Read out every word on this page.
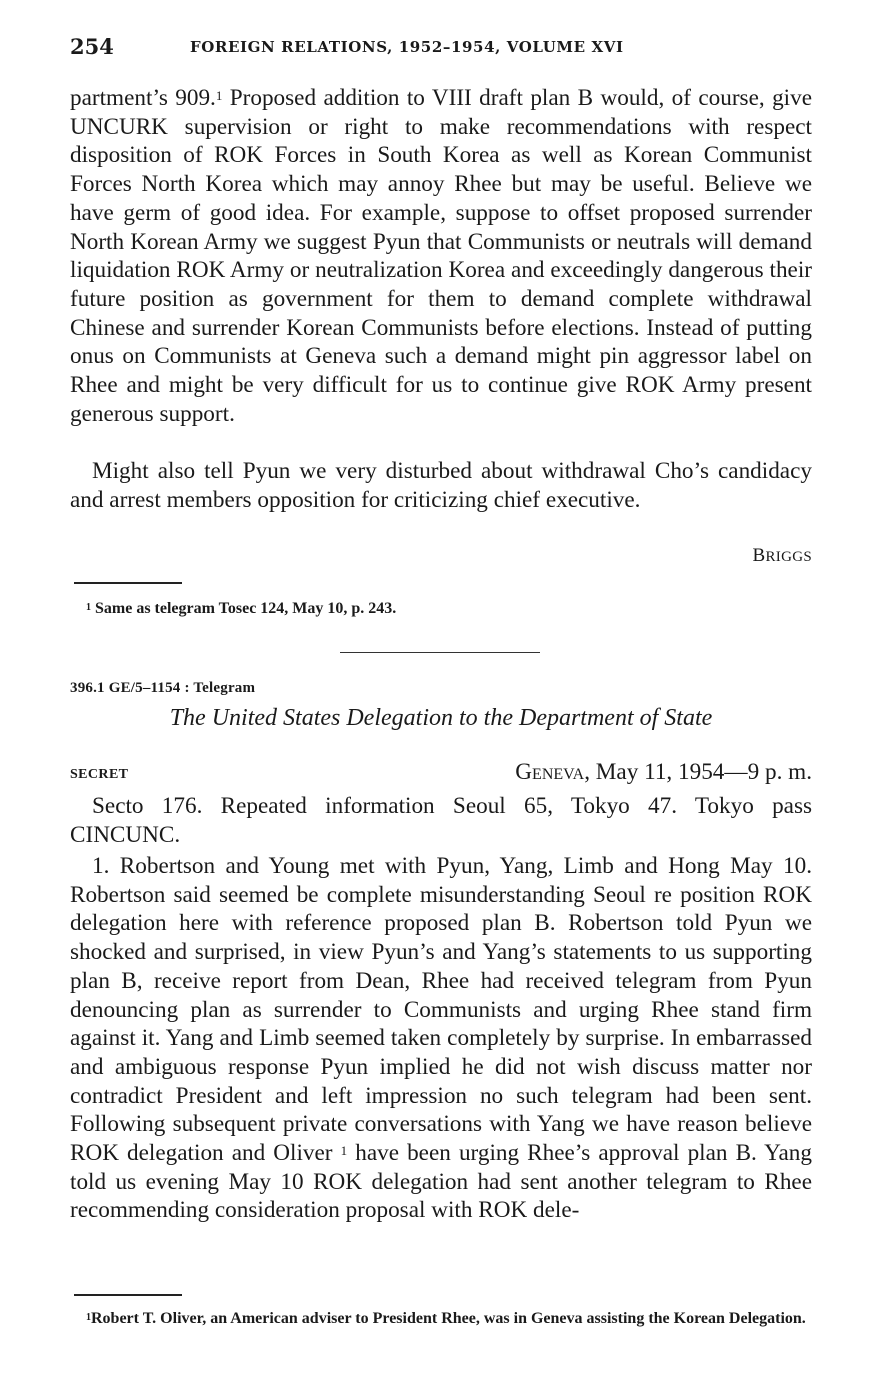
254	FOREIGN RELATIONS, 1952–1954, VOLUME XVI

partment’s 909.$^1$ Proposed addition to VIII draft plan B would, of course, give UNCURK supervision or right to make recommendations with respect disposition of ROK Forces in South Korea as well as Korean Communist Forces North Korea which may annoy Rhee but may be useful. Believe we have germ of good idea. For example, suppose to offset proposed surrender North Korean Army we suggest Pyun that Communists or neutrals will demand liquidation ROK Army or neutralization Korea and exceedingly dangerous their future position as government for them to demand complete withdrawal Chinese and surrender Korean Communists before elections. Instead of putting onus on Communists at Geneva such a demand might pin aggressor label on Rhee and might be very difficult for us to continue give ROK Army present generous support.

Might also tell Pyun we very disturbed about withdrawal Cho’s candidacy and arrest members opposition for criticizing chief executive.

BRIGGS
$^1$ Same as telegram Tosec 124, May 10, p. 243.
396.1 GE/5–1154 : Telegram
The United States Delegation to the Department of State
SECRET	Geneva, May 11, 1954—9 p. m.

Secto 176. Repeated information Seoul 65, Tokyo 47. Tokyo pass CINCUNC.

1. Robertson and Young met with Pyun, Yang, Limb and Hong May 10. Robertson said seemed be complete misunderstanding Seoul re position ROK delegation here with reference proposed plan B. Robertson told Pyun we shocked and surprised, in view Pyun’s and Yang’s statements to us supporting plan B, receive report from Dean, Rhee had received telegram from Pyun denouncing plan as surrender to Communists and urging Rhee stand firm against it. Yang and Limb seemed taken completely by surprise. In embarrassed and ambiguous response Pyun implied he did not wish discuss matter nor contradict President and left impression no such telegram had been sent. Following subsequent private conversations with Yang we have reason believe ROK delegation and Oliver $^1$ have been urging Rhee’s approval plan B. Yang told us evening May 10 ROK delegation had sent another telegram to Rhee recommending consideration proposal with ROK dele-

$^1$Robert T. Oliver, an American adviser to President Rhee, was in Geneva assisting the Korean Delegation.
